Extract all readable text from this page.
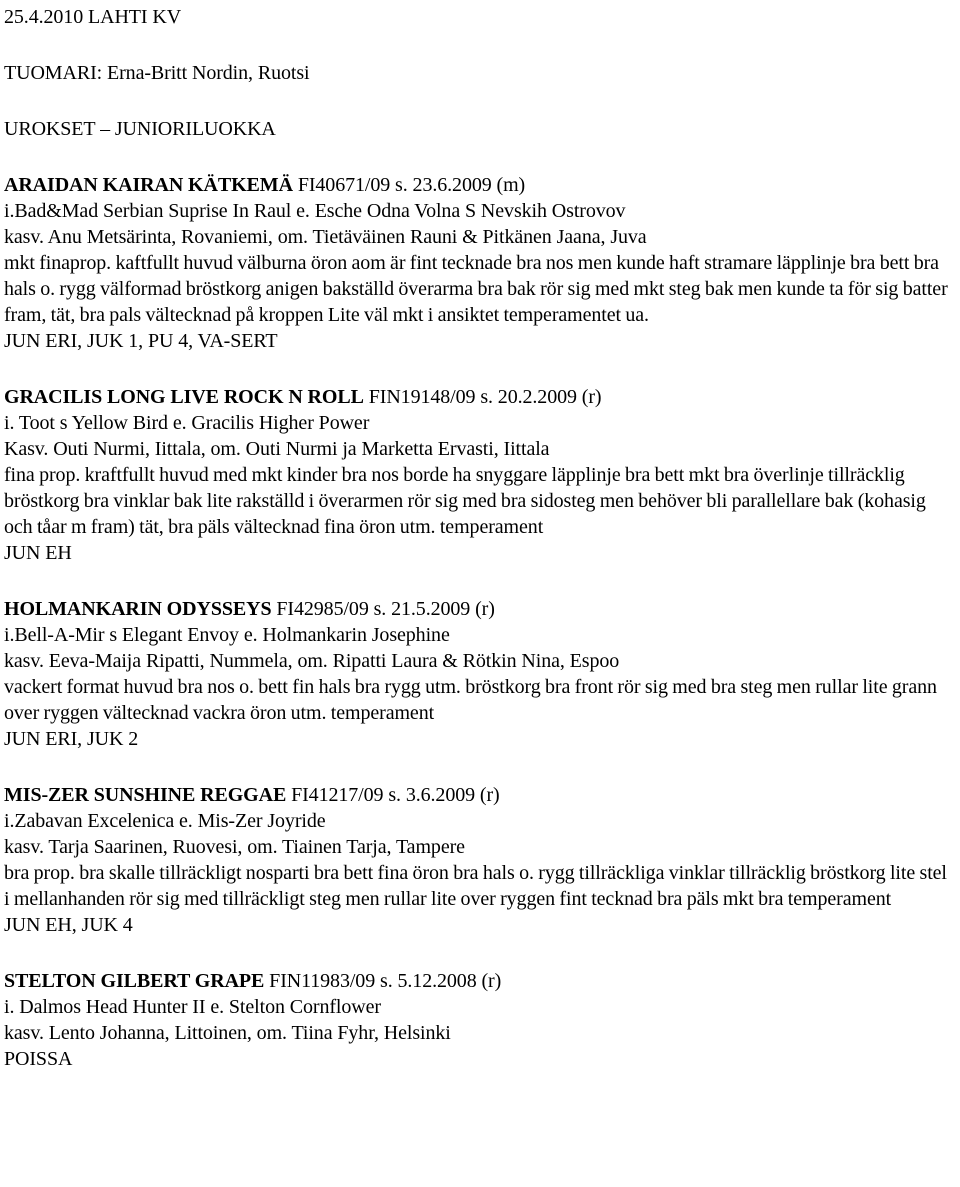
25.4.2010 LAHTI KV
TUOMARI: Erna-Britt Nordin, Ruotsi
UROKSET – JUNIORILUOKKA
ARAIDAN KAIRAN KÄTKEMÄ FI40671/09 s. 23.6.2009 (m)
i.Bad&Mad Serbian Suprise In Raul e. Esche Odna Volna S Nevskih Ostrovov
kasv. Anu Metsärinta, Rovaniemi, om. Tietäväinen Rauni & Pitkänen Jaana, Juva
mkt finaprop. kaftfullt huvud välburna öron aom är fint tecknade bra nos men kunde haft stramare läpplinje bra bett bra hals o. rygg välformad bröstkorg anigen bakställd överarma bra bak rör sig med mkt steg bak men kunde ta för sig batter fram, tät, bra pals vältecknad på kroppen Lite väl mkt i ansiktet temperamentet ua.
JUN ERI, JUK 1, PU 4, VA-SERT
GRACILIS LONG LIVE ROCK N ROLL FIN19148/09 s. 20.2.2009 (r)
i. Toot s Yellow Bird e. Gracilis Higher Power
Kasv. Outi Nurmi, Iittala, om. Outi Nurmi ja Marketta Ervasti, Iittala
fina prop. kraftfullt huvud med mkt kinder bra nos borde ha snyggare läpplinje bra bett mkt bra överlinje tillräcklig bröstkorg bra vinklar bak lite rakställd i överarmen rör sig med bra sidosteg men behöver bli parallellare bak (kohasig och tåar m fram) tät, bra päls vältecknad fina öron utm. temperament
JUN EH
HOLMANKARIN ODYSSEYS FI42985/09 s. 21.5.2009 (r)
i.Bell-A-Mir s Elegant Envoy e. Holmankarin Josephine
kasv. Eeva-Maija Ripatti, Nummela, om. Ripatti Laura & Rötkin Nina, Espoo
vackert format huvud bra nos o. bett fin hals bra rygg utm. bröstkorg bra front rör sig med bra steg men rullar lite grann over ryggen vältecknad vackra öron utm. temperament
JUN ERI, JUK 2
MIS-ZER SUNSHINE REGGAE FI41217/09 s. 3.6.2009 (r)
i.Zabavan Excelenica e. Mis-Zer Joyride
kasv. Tarja Saarinen, Ruovesi, om. Tiainen Tarja, Tampere
bra prop. bra skalle tillräckligt nosparti bra bett fina öron bra hals o. rygg tillräckliga vinklar tillräcklig bröstkorg lite stel i mellanhanden rör sig med tillräckligt steg men rullar lite over ryggen fint tecknad bra päls mkt bra temperament
JUN EH, JUK 4
STELTON GILBERT GRAPE FIN11983/09 s. 5.12.2008 (r)
i. Dalmos Head Hunter II e. Stelton Cornflower
kasv. Lento Johanna, Littoinen, om. Tiina Fyhr, Helsinki
POISSA
